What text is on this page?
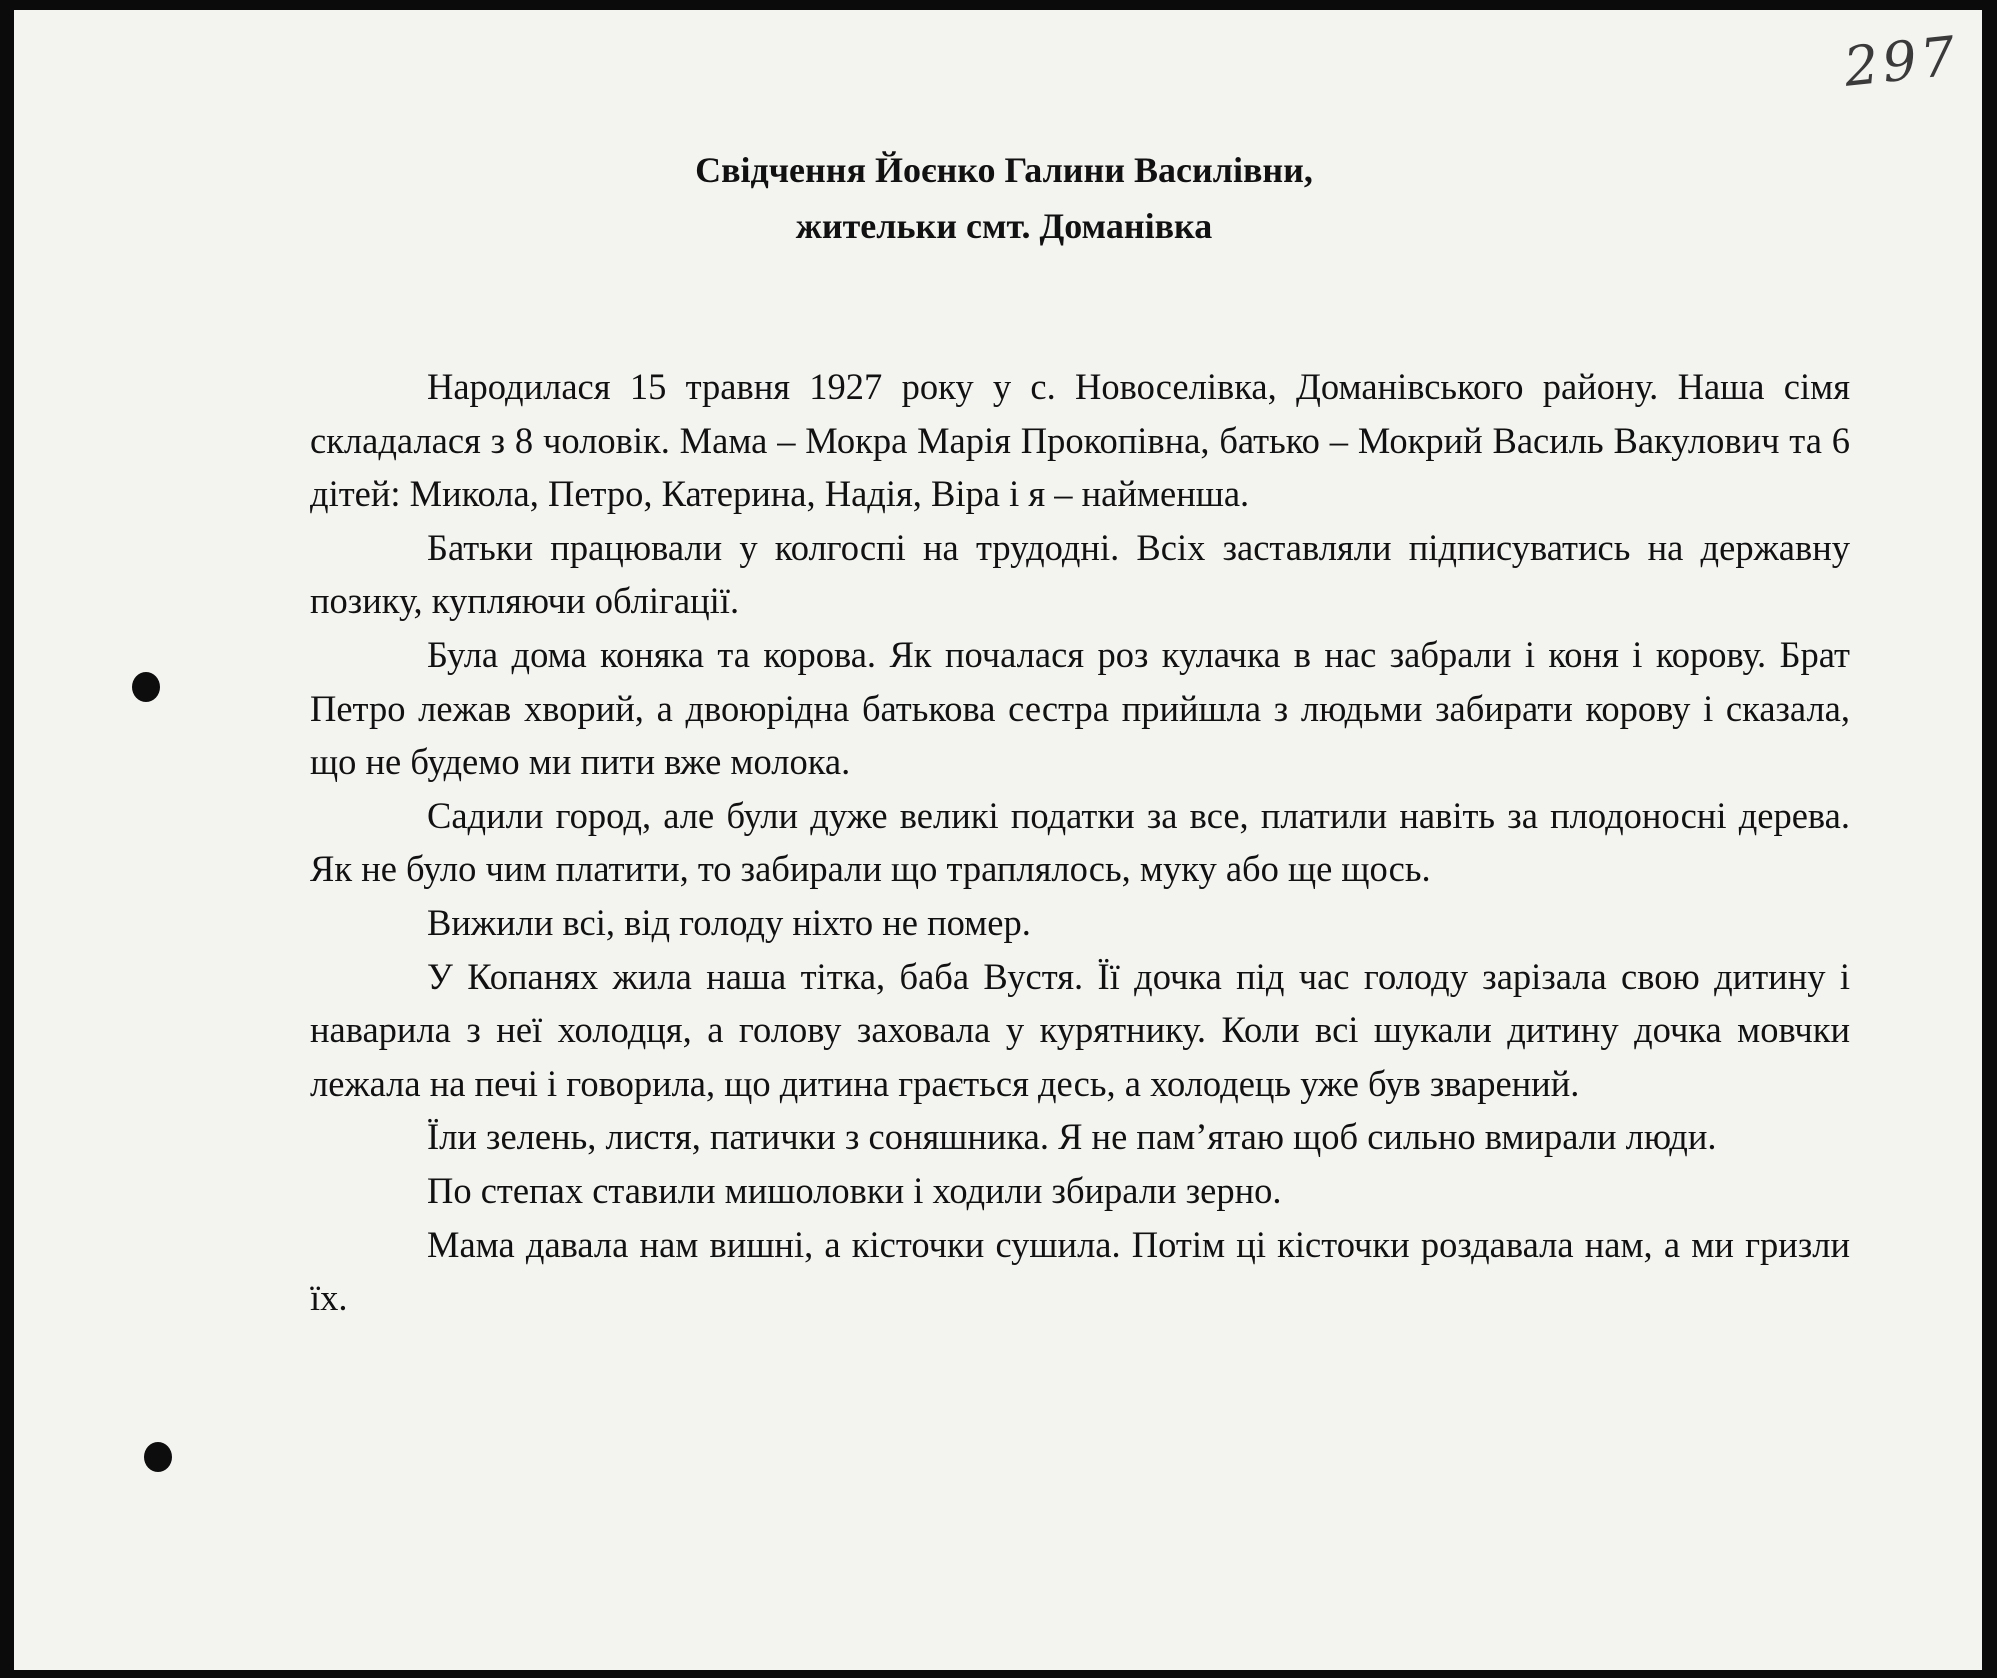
297
Свідчення Йоєнко Галини Василівни,
жительки смт. Доманівка

Народилася 15 травня 1927 року у с. Новоселівка, Доманівського району. Наша сімя складалася з 8 чоловік. Мама – Мокра Марія Прокопівна, батько – Мокрий Василь Вакулович та 6 дітей: Микола, Петро, Катерина, Надія, Віра і я – найменша.

Батьки працювали у колгоспі на трудодні. Всіх заставляли підписуватись на державну позику, купляючи облігації.

Була дома коняка та корова. Як почалася роз кулачка в нас забрали і коня і корову. Брат Петро лежав хворий, а двоюрідна батькова сестра прийшла з людьми забирати корову і сказала, що не будемо ми пити вже молока.

Садили город, але були дуже великі податки за все, платили навіть за плодоносні дерева. Як не було чим платити, то забирали що траплялось, муку або ще щось.

Вижили всі, від голоду ніхто не помер.

У Копанях жила наша тітка, баба Вустя. Її дочка під час голоду зарізала свою дитину і наварила з неї холодця, а голову заховала у курятнику. Коли всі шукали дитину дочка мовчки лежала на печі і говорила, що дитина грається десь, а холодець уже був зварений.

Їли зелень, листя, патички з соняшника. Я не пам’ятаю щоб сильно вмирали люди.

По степах ставили мишоловки і ходили збирали зерно.

Мама давала нам вишні, а кісточки сушила. Потім ці кісточки роздавала нам, а ми гризли їх.
